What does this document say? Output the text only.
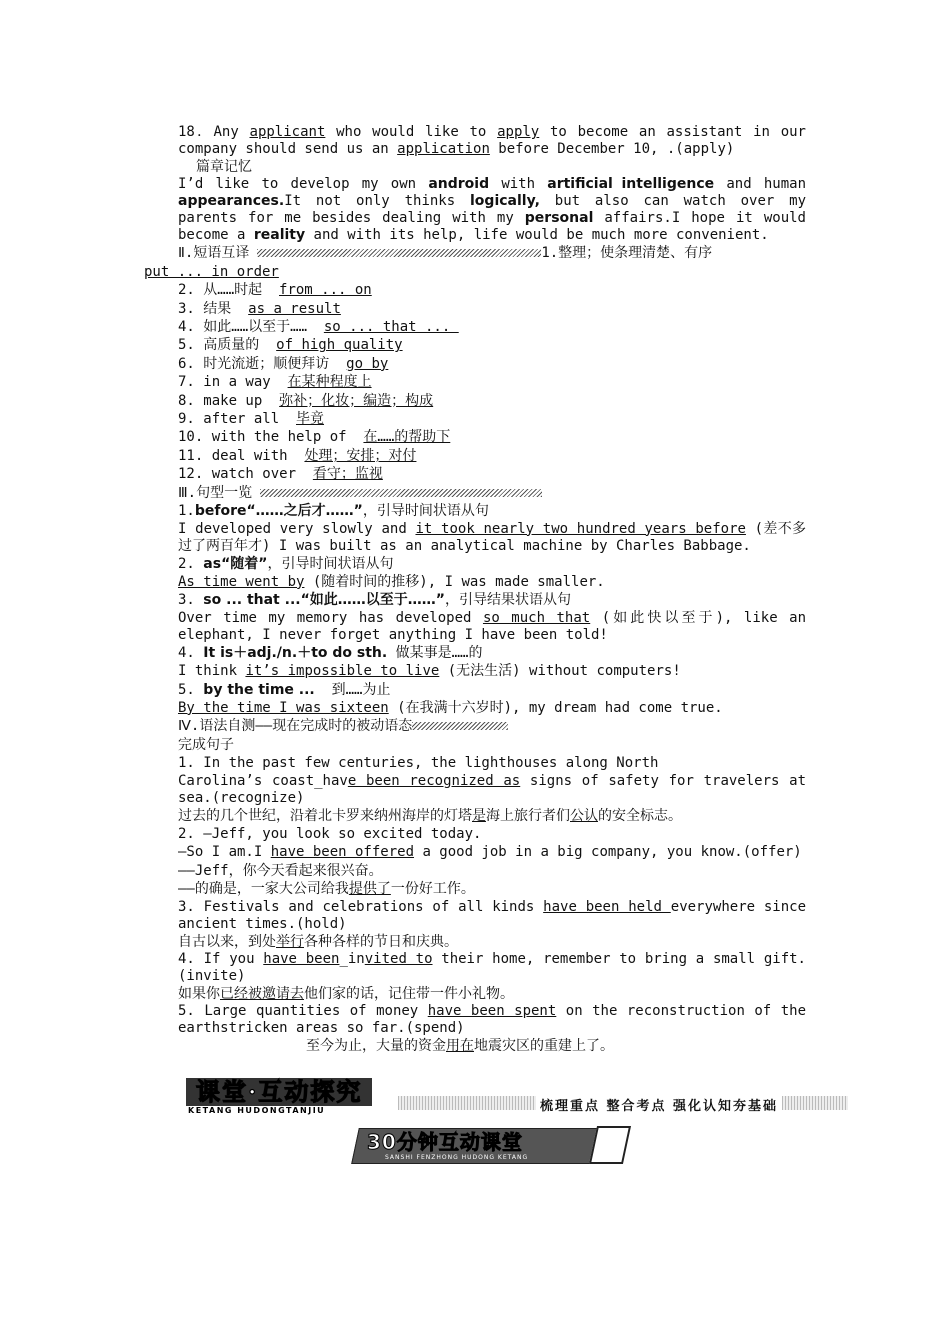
18．Any applicant who would like to apply to become an assistant in our company should send us an application before December 10, .(apply)
篇章记忆
I’d like to develop my own android with artificial intelligence and human appearances.It not only thinks logically, but also can watch over my parents for me besides dealing with my personal affairs.I hope it would become a reality and with its help, life would be much more convenient.
Ⅱ.短语互译	1.整理；使条理清楚、有序
put ... in order
2. 从……时起  from ... on
3. 结果  as a result
4. 如此……以至于……  so ... that ...
5. 高质量的  of high quality
6. 时光流逝；顺便拜访  go by
7. in a way  在某种程度上
8. make up  弥补；化妆；编造；构成
9. after all  毕竟
10. with the help of  在……的帮助下
11. deal with  处理；安排；对付
12. watch over  看守；监视
Ⅲ.句型一览
1.before“……之后才……”，引导时间状语从句
I developed very slowly and it took nearly two hundred years before (差不多过了两百年才) I was built as an analytical machine by Charles Babbage.
2. as“随着”，引导时间状语从句
As time went by (随着时间的推移), I was made smaller.
3. so ... that ...“如此……以至于……”，引导结果状语从句
Over time my memory has developed so much that (如此快以至于), like an elephant, I never forget anything I have been told!
4. It is＋adj./n.＋to do sth. 做某事是……的
I think it’s impossible to live (无法生活) without computers!
5. by the time ...  到……为止
By the time I was sixteen (在我满十六岁时), my dream had come true.
Ⅳ.语法自测——现在完成时的被动语态
完成句子
1. In the past few centuries, the lighthouses along North
Carolina’s coast_have been recognized as signs of safety for travelers at sea.(recognize)
过去的几个世纪，沿着北卡罗来纳州海岸的灯塔是海上旅行者们公认的安全标志。
2. —Jeff, you look so excited today.
—So I am.I have been offered a good job in a big company, you know.(offer)
——Jeff，你今天看起来很兴奋。
——的确是，一家大公司给我提供了一份好工作。
3. Festivals and celebrations of all kinds have been held everywhere since ancient times.(hold)
自古以来，到处举行各种各样的节日和庆典。
4. If you have been_invited to their home, remember to bring a small gift. (invite)
如果你已经被邀请去他们家的话，记住带一件小礼物。
5. Large quantities of money have been spent on the reconstruction of the earthstricken areas so far.(spend)
至今为止，大量的资金用在地震灾区的重建上了。
课堂·互动探究
KETANG HUDONGTANJIU	梳理重点 整合考点 强化认知夯基础
30分钟互动课堂
SANSHI FENZHONG HUDONG KETANG
